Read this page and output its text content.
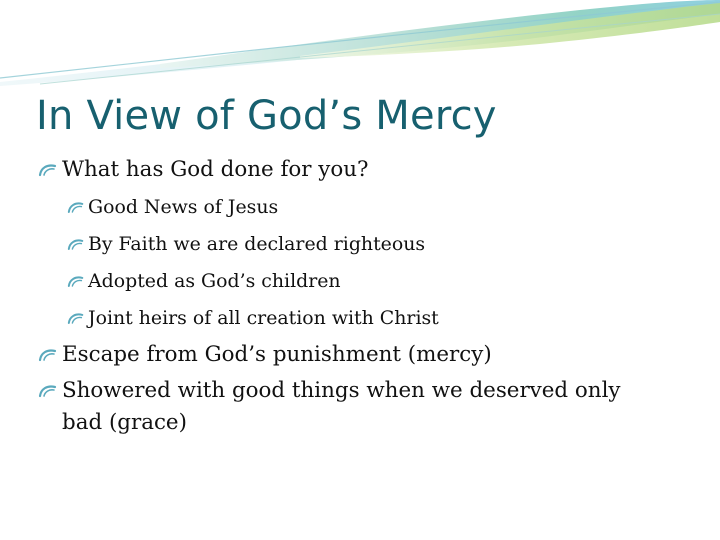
In View of God’s Mercy
What has God done for you?
Good News of Jesus
By Faith we are declared righteous
Adopted as God’s children
Joint heirs of all creation with Christ
Escape from God’s punishment (mercy)
Showered with good things when we deserved only bad (grace)
